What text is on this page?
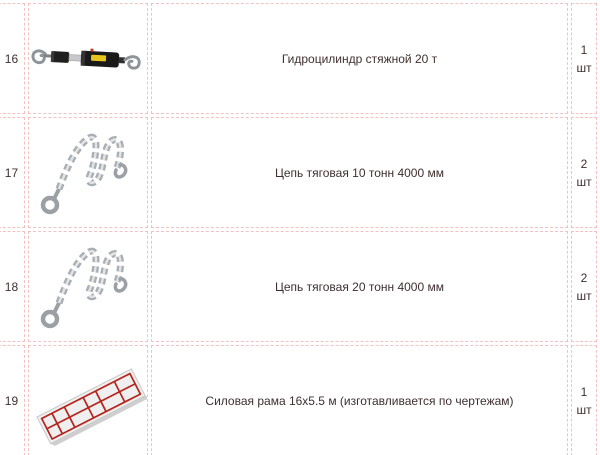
16		Гидроцилиндр стяжной 20 т	1
шт

17		Цепь тяговая 10 тонн 4000 мм	2
шт

18		Цепь тяговая 20 тонн 4000 мм	2
шт

19		Силовая рама 16х5.5 м (изготавливается по чертежам)	1
шт
